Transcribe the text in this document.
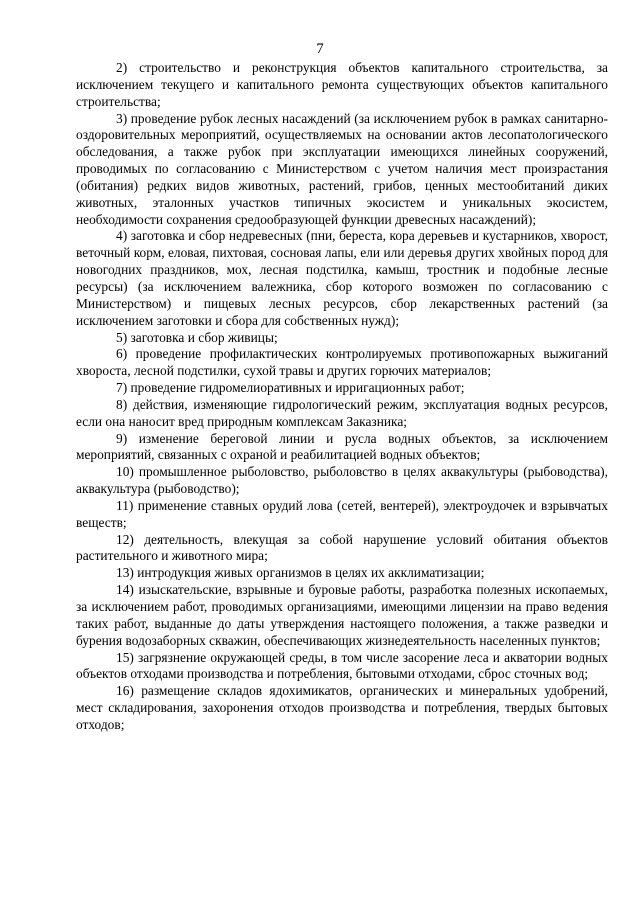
7

2) строительство и реконструкция объектов капитального строительства, за исключением текущего и капитального ремонта существующих объектов капитального строительства;

3) проведение рубок лесных насаждений (за исключением рубок в рамках санитарно-оздоровительных мероприятий, осуществляемых на основании актов лесопатологического обследования, а также рубок при эксплуатации имеющихся линейных сооружений, проводимых по согласованию с Министерством с учетом наличия мест произрастания (обитания) редких видов животных, растений, грибов, ценных местообитаний диких животных, эталонных участков типичных экосистем и уникальных экосистем, необходимости сохранения средообразующей функции древесных насаждений);

4) заготовка и сбор недревесных (пни, береста, кора деревьев и кустарников, хворост, веточный корм, еловая, пихтовая, сосновая лапы, ели или деревья других хвойных пород для новогодних праздников, мох, лесная подстилка, камыш, тростник и подобные лесные ресурсы) (за исключением валежника, сбор которого возможен по согласованию с Министерством) и пищевых лесных ресурсов, сбор лекарственных растений (за исключением заготовки и сбора для собственных нужд);

5) заготовка и сбор живицы;

6) проведение профилактических контролируемых противопожарных выжиганий хвороста, лесной подстилки, сухой травы и других горючих материалов;

7) проведение гидромелиоративных и ирригационных работ;

8) действия, изменяющие гидрологический режим, эксплуатация водных ресурсов, если она наносит вред природным комплексам Заказника;

9) изменение береговой линии и русла водных объектов, за исключением мероприятий, связанных с охраной и реабилитацией водных объектов;

10) промышленное рыболовство, рыболовство в целях аквакультуры (рыбоводства), аквакультура (рыбоводство);

11) применение ставных орудий лова (сетей, вентерей), электроудочек и взрывчатых веществ;

12) деятельность, влекущая за собой нарушение условий обитания объектов растительного и животного мира;

13) интродукция живых организмов в целях их акклиматизации;

14) изыскательские, взрывные и буровые работы, разработка полезных ископаемых, за исключением работ, проводимых организациями, имеющими лицензии на право ведения таких работ, выданные до даты утверждения настоящего положения, а также разведки и бурения водозаборных скважин, обеспечивающих жизнедеятельность населенных пунктов;

15) загрязнение окружающей среды, в том числе засорение леса и акватории водных объектов отходами производства и потребления, бытовыми отходами, сброс сточных вод;

16) размещение складов ядохимикатов, органических и минеральных удобрений, мест складирования, захоронения отходов производства и потребления, твердых бытовых отходов;
